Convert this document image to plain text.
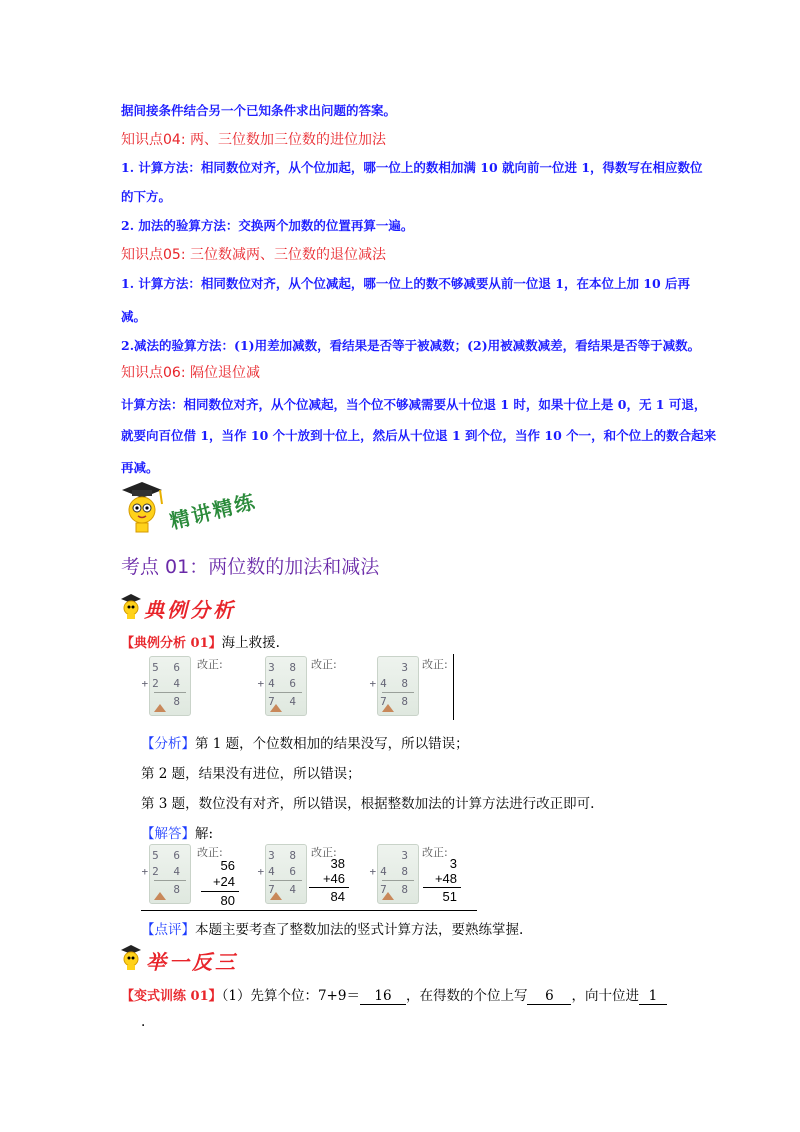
据间接条件结合另一个已知条件求出问题的答案。
知识点04: 两、三位数加三位数的进位加法
1. 计算方法：相同数位对齐，从个位加起，哪一位上的数相加满 10 就向前一位进 1，得数写在相应数位
的下方。
2. 加法的验算方法：交换两个加数的位置再算一遍。
知识点05: 三位数减两、三位数的退位减法
1. 计算方法：相同数位对齐，从个位减起，哪一位上的数不够减要从前一位退 1，在本位上加 10 后再
减。
2.减法的验算方法：(1)用差加减数，看结果是否等于被减数；(2)用被减数减差，看结果是否等于减数。
知识点06: 隔位退位减
计算方法：相同数位对齐，从个位减起，当个位不够减需要从十位退 1 时，如果十位上是 0，无 1 可退，
就要向百位借 1，当作 10 个十放到十位上，然后从十位退 1 到个位，当作 10 个一，和个位上的数合起来
再减。
精讲精练
考点 01：两位数的加法和减法
典例分析
【典例分析 01】海上救援.
5 6
+2 4
8
改正:	3 8
+4 6
7 4
改正:	3
+4 8
7 8
改正:
【分析】第 1 题，个位数相加的结果没写，所以错误；
第 2 题，结果没有进位，所以错误；
第 3 题，数位没有对齐，所以错误，根据整数加法的计算方法进行改正即可.
【解答】解:
5 6
+2 4
8
改正:
56
+24
80
3 8
+4 6
7 4
改正:
38
+46
84
3
+4 8
7 8
改正:
3
+48
51
【点评】本题主要考查了整数加法的竖式计算方法，要熟练掌握.
举一反三
【变式训练 01】（1）先算个位：7+9＝ 16 ，在得数的个位上写 6 ，向十位进 1
.
